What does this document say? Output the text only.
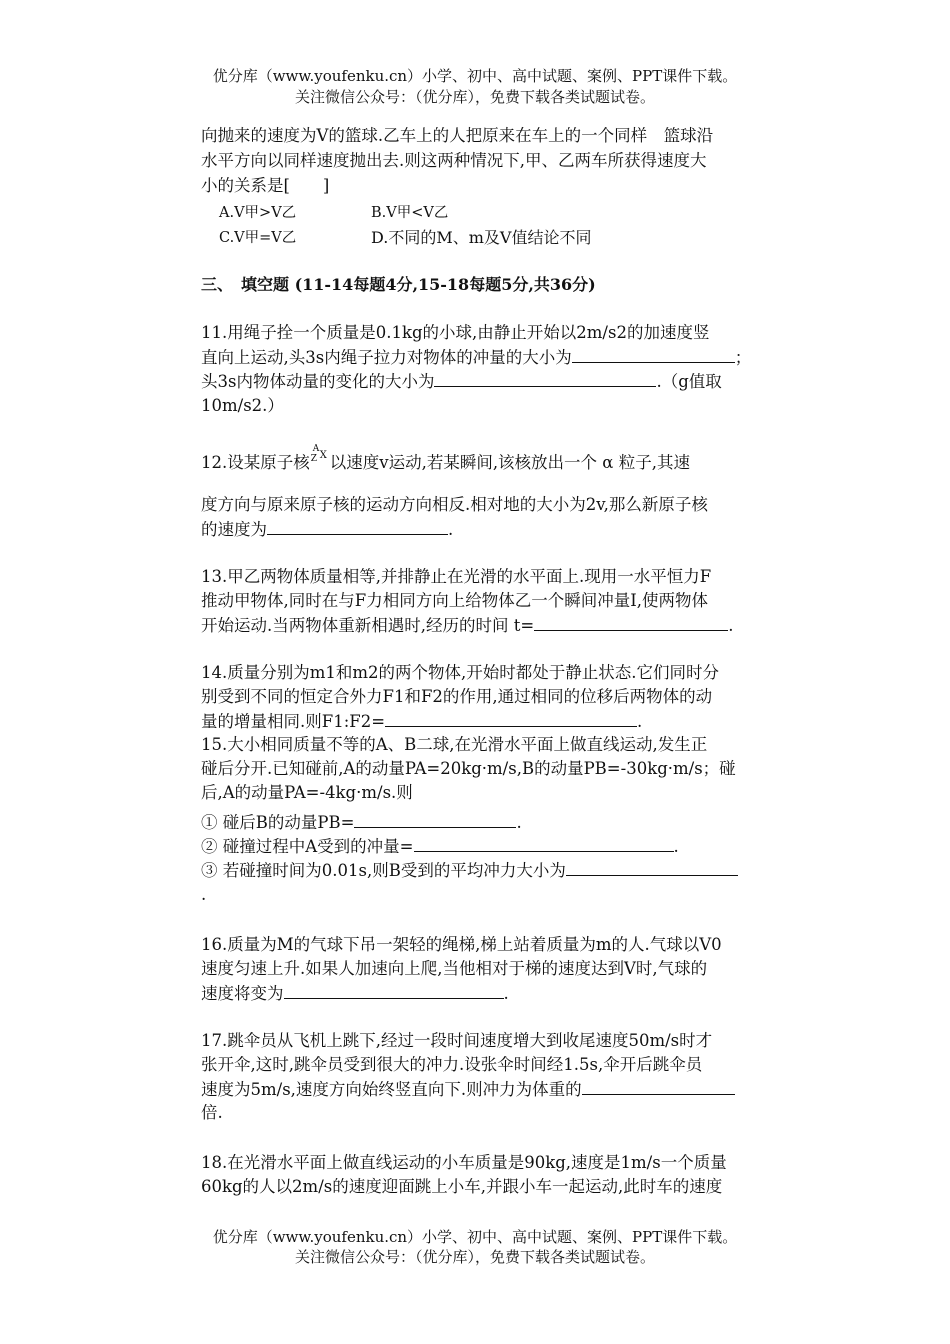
优分库（www.youfenku.cn）小学、初中、高中试题、案例、PPT课件下载。
关注微信公众号：（优分库），免费下载各类试题试卷。
向抛来的速度为V的篮球.乙车上的人把原来在车上的一个同样　篮球沿
水平方向以同样速度抛出去.则这两种情况下,甲、乙两车所获得速度大
小的关系是[　　]
A.V甲>V乙	B.V甲<V乙
C.V甲=V乙	D.不同的M、m及V值结论不同
三、　填空题 (11-14每题4分,15-18每题5分,共36分)
11.用绳子拴一个质量是0.1kg的小球,由静止开始以2m/s2的加速度竖
直向上运动,头3s内绳子拉力对物体的冲量的大小为	；
头3s内物体动量的变化的大小为	.（g值取
10m/s2.）
12.设某原子核
A
Z X 以速度v运动,若某瞬间,该核放出一个 α 粒子,其速
度方向与原来原子核的运动方向相反.相对地的大小为2v,那么新原子核
的速度为	.
13.甲乙两物体质量相等,并排静止在光滑的水平面上.现用一水平恒力F
推动甲物体,同时在与F力相同方向上给物体乙一个瞬间冲量I,使两物体
开始运动.当两物体重新相遇时,经历的时间 t=	.
14.质量分别为m1和m2的两个物体,开始时都处于静止状态.它们同时分
别受到不同的恒定合外力F1和F2的作用,通过相同的位移后两物体的动
量的增量相同.则F1:F2=	.
15.大小相同质量不等的A、B二球,在光滑水平面上做直线运动,发生正
碰后分开.已知碰前,A的动量PA=20kg·m/s,B的动量PB=-30kg·m/s；碰
后,A的动量PA=-4kg·m/s.则
① 碰后B的动量PB=	.
② 碰撞过程中A受到的冲量=	.
③ 若碰撞时间为0.01s,则B受到的平均冲力大小为
.
16.质量为M的气球下吊一架轻的绳梯,梯上站着质量为m的人.气球以V0
速度匀速上升.如果人加速向上爬,当他相对于梯的速度达到V时,气球的
速度将变为	.
17.跳伞员从飞机上跳下,经过一段时间速度增大到收尾速度50m/s时才
张开伞,这时,跳伞员受到很大的冲力.设张伞时间经1.5s,伞开后跳伞员
速度为5m/s,速度方向始终竖直向下.则冲力为体重的
倍.
18.在光滑水平面上做直线运动的小车质量是90kg,速度是1m/s一个质量
60kg的人以2m/s的速度迎面跳上小车,并跟小车一起运动,此时车的速度
优分库（www.youfenku.cn）小学、初中、高中试题、案例、PPT课件下载。
关注微信公众号：（优分库），免费下载各类试题试卷。
